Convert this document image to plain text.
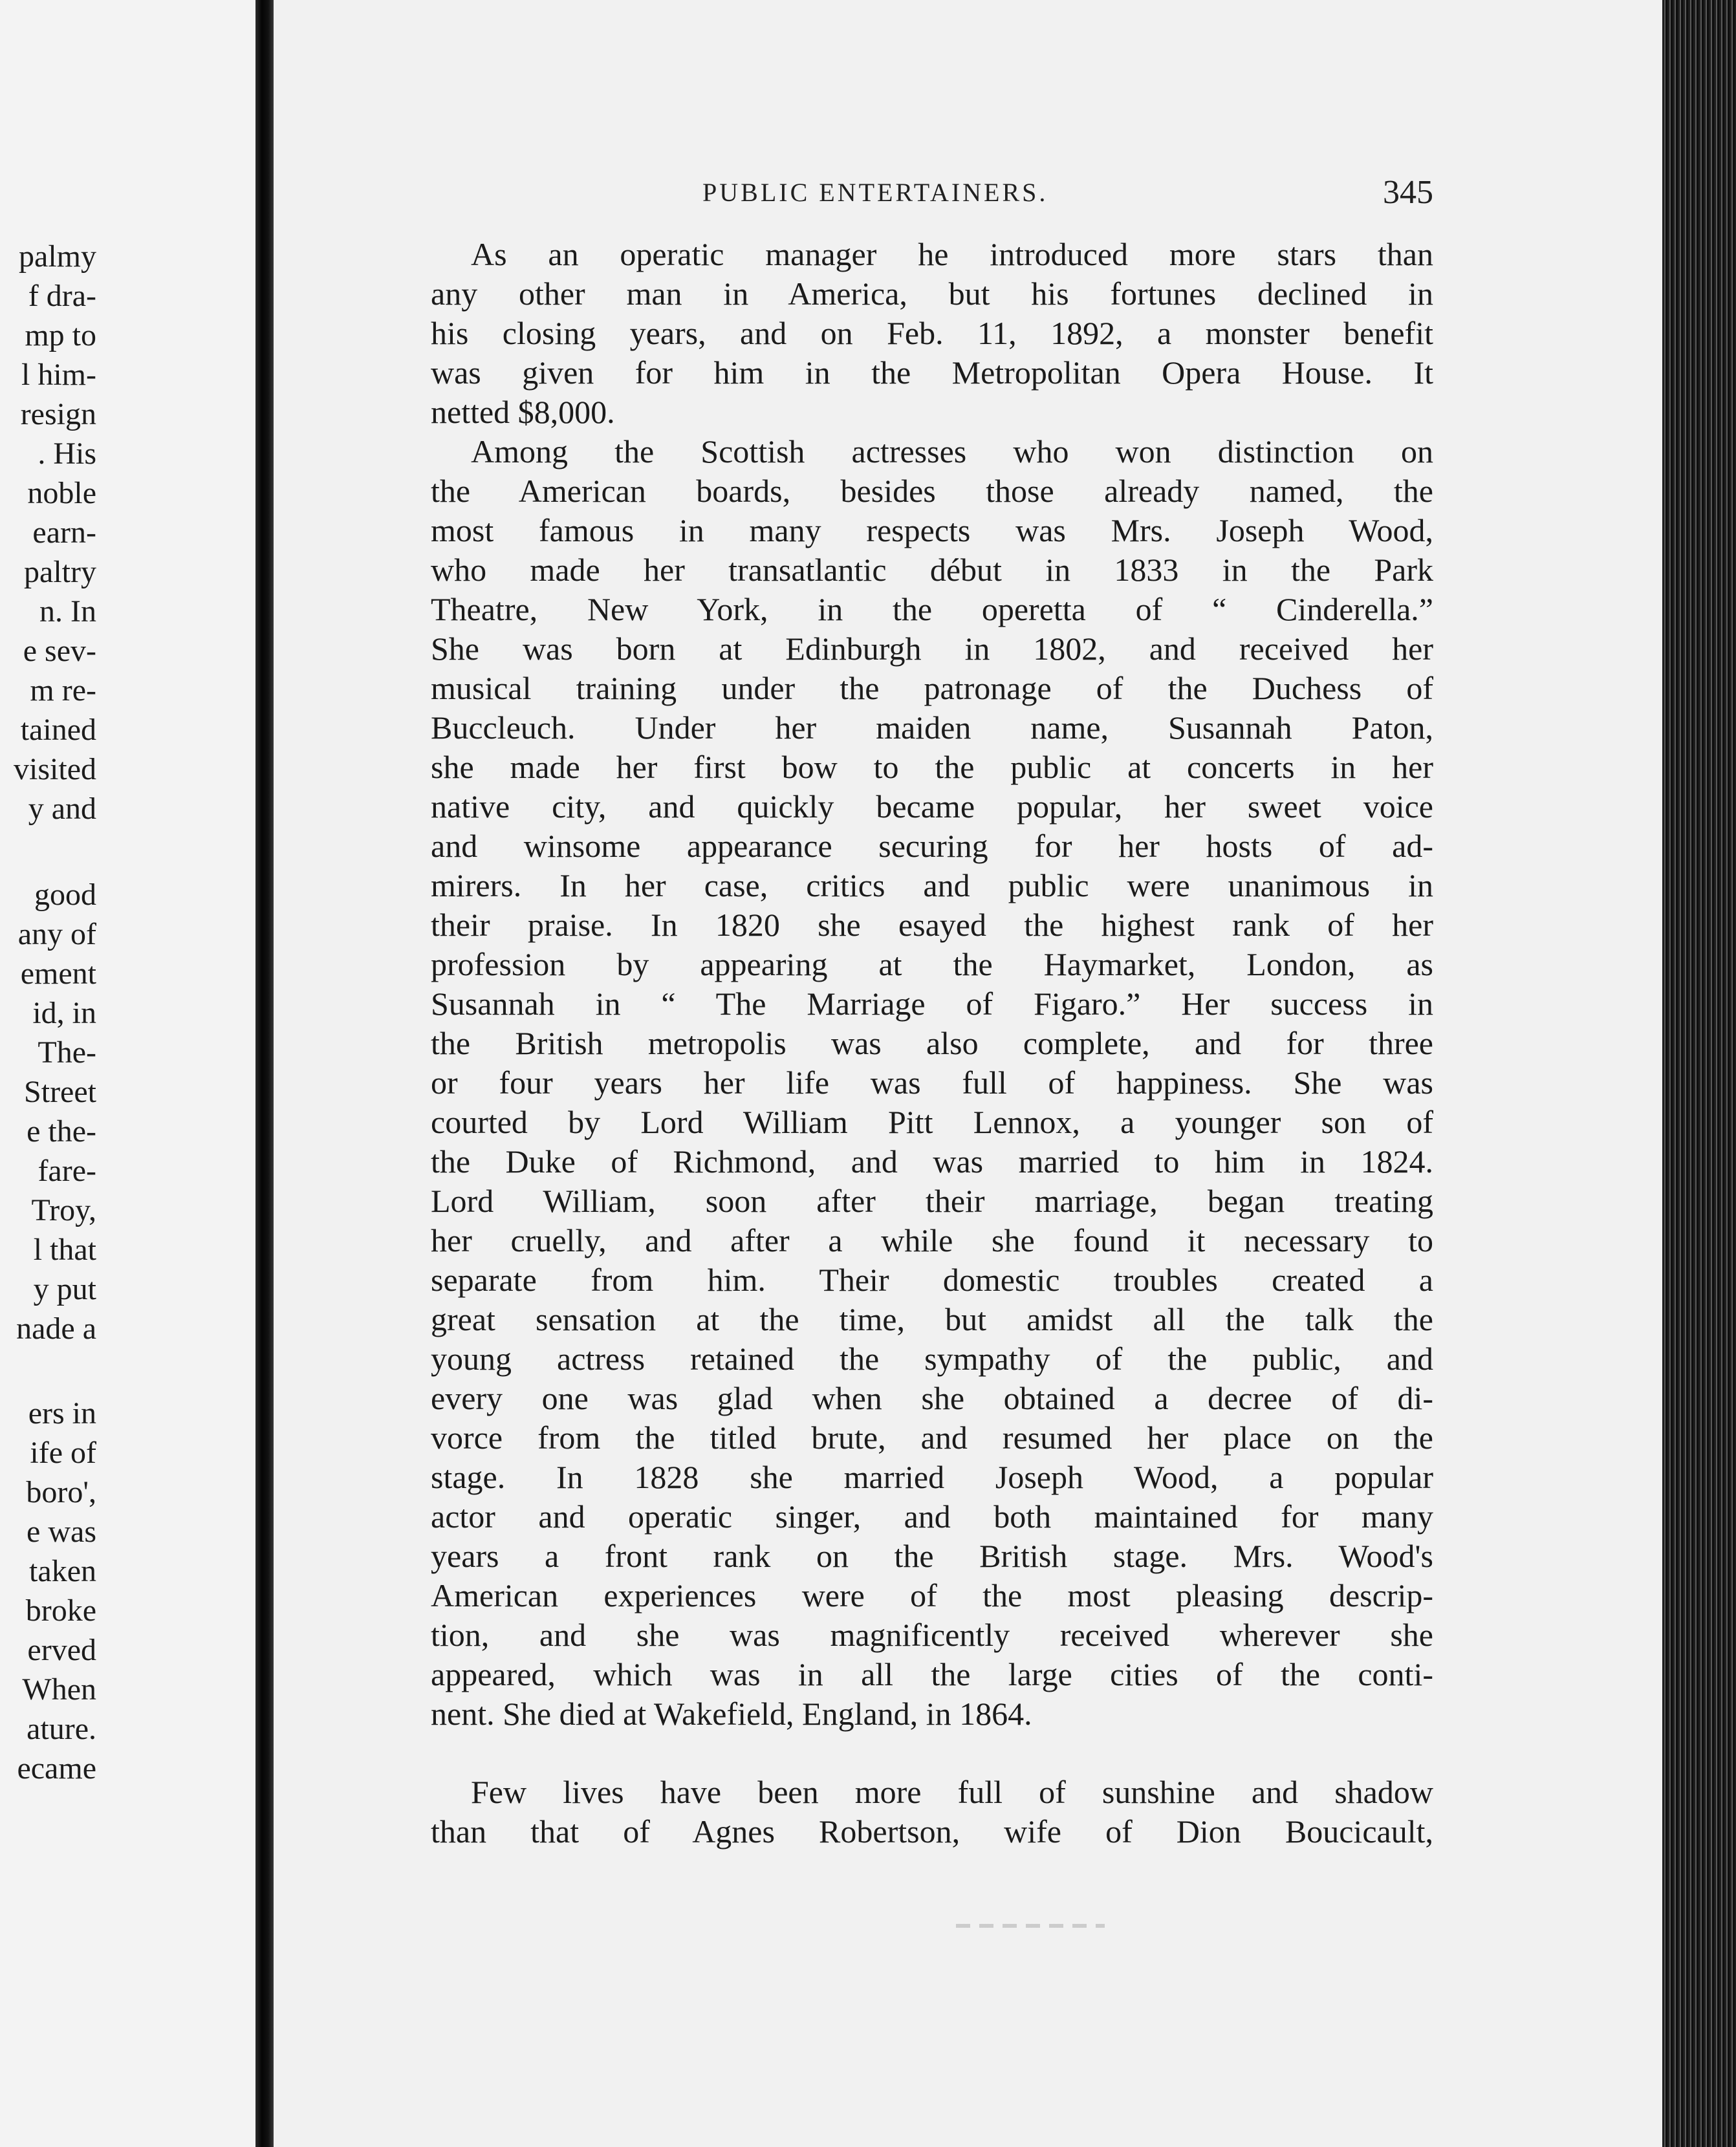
palmy
f dra-
mp to
l him-
resign
. His
noble
earn-
paltry
n. In
e sev-
m re-
tained
visited
y and
good
any of
ement
id, in
The-
Street
e the-
fare-
Troy,
l that
y put
nade a
ers in
ife of
boro',
e was
taken
broke
erved
When
ature.
ecame
PUBLIC ENTERTAINERS.	345
As an operatic manager he introduced more stars than
any other man in America, but his fortunes declined in
his closing years, and on Feb. 11, 1892, a monster benefit
was given for him in the Metropolitan Opera House. It
netted $8,000.
Among the Scottish actresses who won distinction on
the American boards, besides those already named, the
most famous in many respects was Mrs. Joseph Wood,
who made her transatlantic début in 1833 in the Park
Theatre, New York, in the operetta of “ Cinderella.”
She was born at Edinburgh in 1802, and received her
musical training under the patronage of the Duchess of
Buccleuch. Under her maiden name, Susannah Paton,
she made her first bow to the public at concerts in her
native city, and quickly became popular, her sweet voice
and winsome appearance securing for her hosts of ad-
mirers. In her case, critics and public were unanimous in
their praise. In 1820 she esayed the highest rank of her
profession by appearing at the Haymarket, London, as
Susannah in “ The Marriage of Figaro.” Her success in
the British metropolis was also complete, and for three
or four years her life was full of happiness. She was
courted by Lord William Pitt Lennox, a younger son of
the Duke of Richmond, and was married to him in 1824.
Lord William, soon after their marriage, began treating
her cruelly, and after a while she found it necessary to
separate from him. Their domestic troubles created a
great sensation at the time, but amidst all the talk the
young actress retained the sympathy of the public, and
every one was glad when she obtained a decree of di-
vorce from the titled brute, and resumed her place on the
stage. In 1828 she married Joseph Wood, a popular
actor and operatic singer, and both maintained for many
years a front rank on the British stage. Mrs. Wood's
American experiences were of the most pleasing descrip-
tion, and she was magnificently received wherever she
appeared, which was in all the large cities of the conti-
nent. She died at Wakefield, England, in 1864.
Few lives have been more full of sunshine and shadow
than that of Agnes Robertson, wife of Dion Boucicault,
